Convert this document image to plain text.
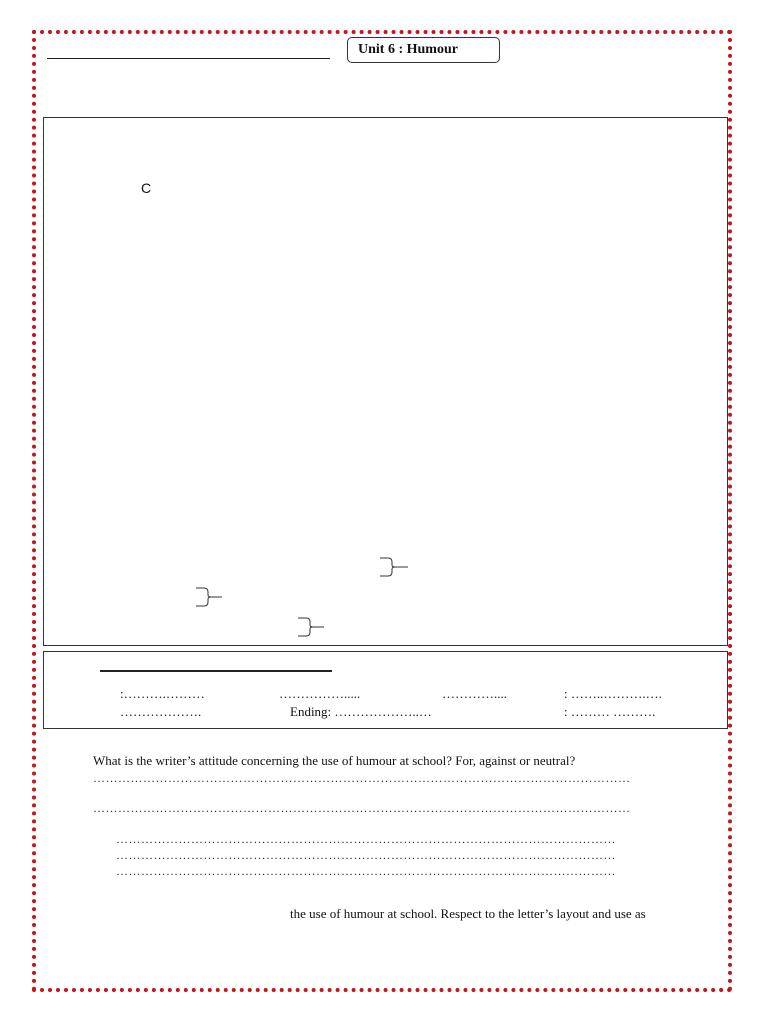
Unit 6 : Humour
C
:……….………	…………….....	…………....	: ……..……….….
……………….	Ending: ………………..…	: ……… ……….
What is the writer’s attitude concerning the use of humour at school? For, against or neutral?
…………………………………………………………………………………………………………………
…………………………………………………………………………………………………………………
…………………………………………………………………………………………………………
…………………………………………………………………………………………………………
…………………………………………………………………………………………………………
the use of humour at school. Respect to the letter’s layout and use as
